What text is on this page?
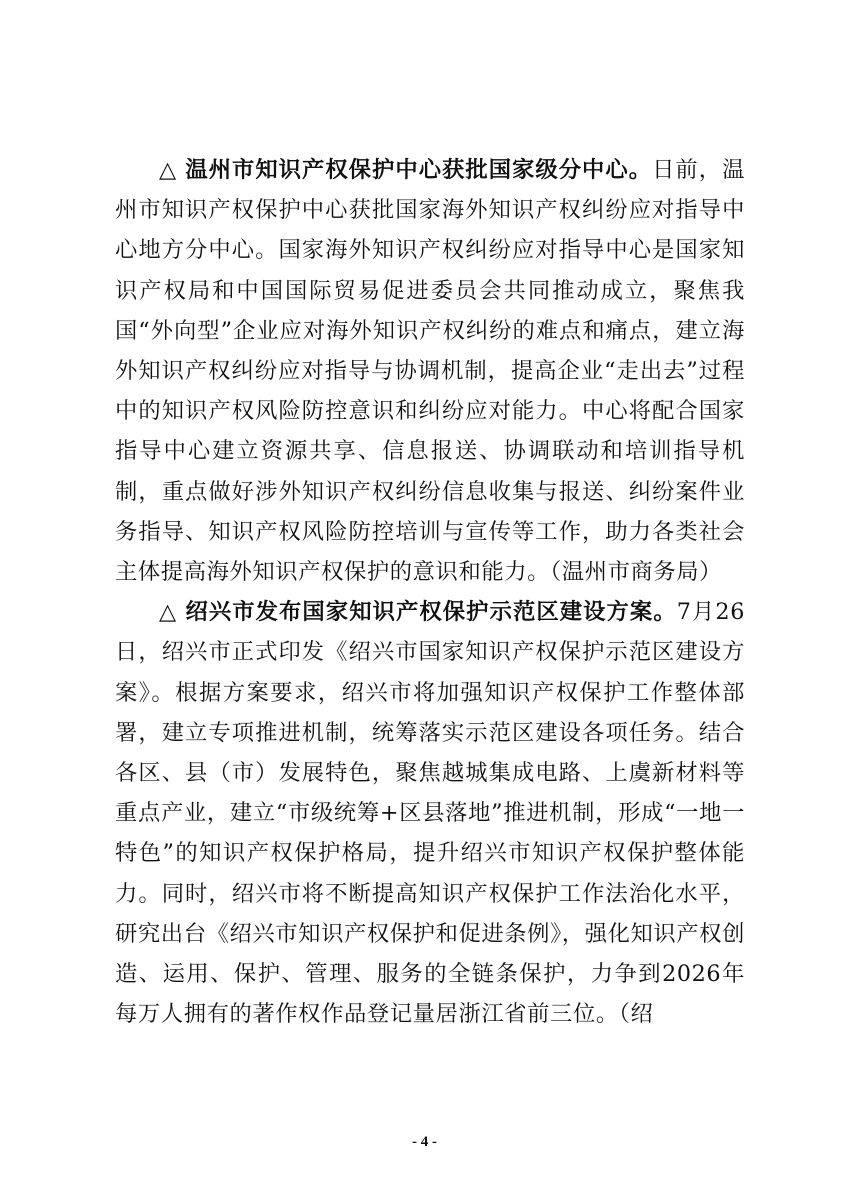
△ 温州市知识产权保护中心获批国家级分中心。日前，温州市知识产权保护中心获批国家海外知识产权纠纷应对指导中心地方分中心。国家海外知识产权纠纷应对指导中心是国家知识产权局和中国国际贸易促进委员会共同推动成立，聚焦我国“外向型”企业应对海外知识产权纠纷的难点和痛点，建立海外知识产权纠纷应对指导与协调机制，提高企业“走出去”过程中的知识产权风险防控意识和纠纷应对能力。中心将配合国家指导中心建立资源共享、信息报送、协调联动和培训指导机制，重点做好涉外知识产权纠纷信息收集与报送、纠纷案件业务指导、知识产权风险防控培训与宣传等工作，助力各类社会主体提高海外知识产权保护的意识和能力。（温州市商务局）

△ 绍兴市发布国家知识产权保护示范区建设方案。7月26日，绍兴市正式印发《绍兴市国家知识产权保护示范区建设方案》。根据方案要求，绍兴市将加强知识产权保护工作整体部署，建立专项推进机制，统筹落实示范区建设各项任务。结合各区、县（市）发展特色，聚焦越城集成电路、上虞新材料等重点产业，建立“市级统筹+区县落地”推进机制，形成“一地一特色”的知识产权保护格局，提升绍兴市知识产权保护整体能力。同时，绍兴市将不断提高知识产权保护工作法治化水平，研究出台《绍兴市知识产权保护和促进条例》，强化知识产权创造、运用、保护、管理、服务的全链条保护，力争到2026年每万人拥有的著作权作品登记量居浙江省前三位。（绍

- 4 -
